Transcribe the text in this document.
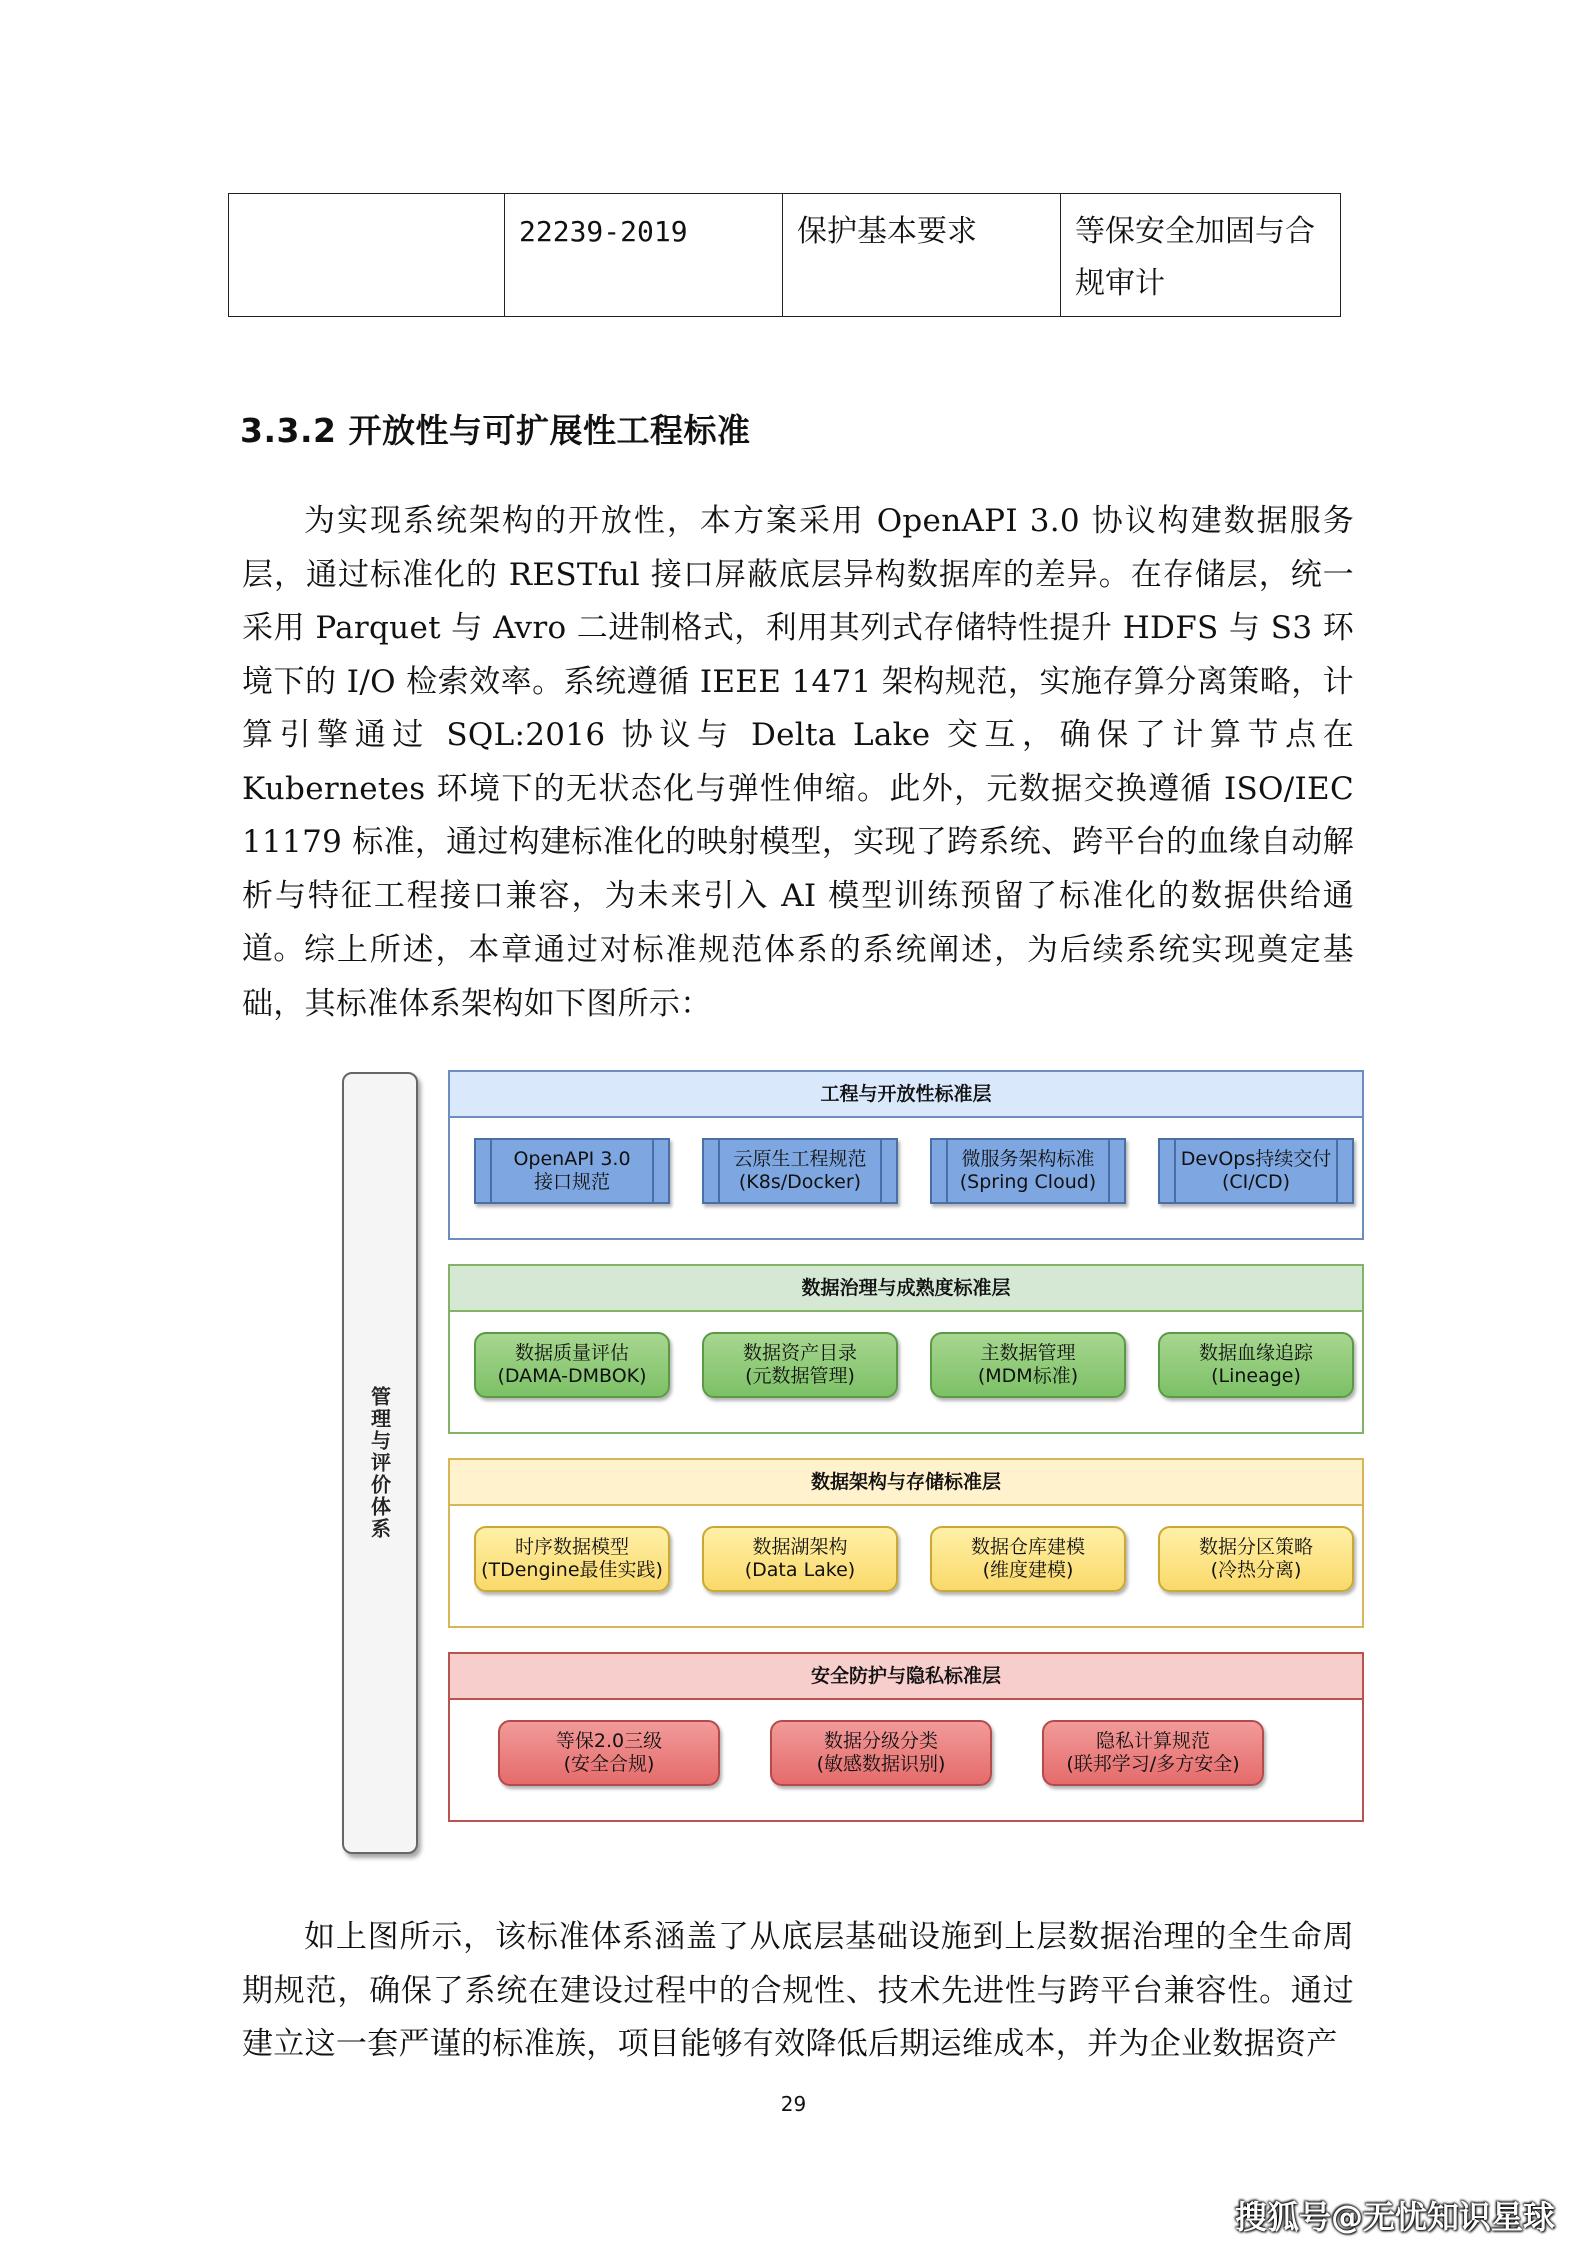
	22239-2019	保护基本要求	等保安全加固与合规审计
3.3.2 开放性与可扩展性工程标准

为实现系统架构的开放性，本方案采用 OpenAPI 3.0 协议构建数据服务层，通过标准化的 RESTful 接口屏蔽底层异构数据库的差异。在存储层，统一采用 Parquet 与 Avro 二进制格式，利用其列式存储特性提升 HDFS 与 S3 环境下的 I/O 检索效率。系统遵循 IEEE 1471 架构规范，实施存算分离策略，计算引擎通过 SQL:2016 协议与 Delta Lake 交互，确保了计算节点在 Kubernetes 环境下的无状态化与弹性伸缩。此外，元数据交换遵循 ISO/IEC 11179 标准，通过构建标准化的映射模型，实现了跨系统、跨平台的血缘自动解析与特征工程接口兼容，为未来引入 AI 模型训练预留了标准化的数据供给通道。 综上所述，本章通过对标准规范体系的系统阐述，为后续系统实现奠定基础，其标准体系架构如下图所示：

管理与评价体系
工程与开放性标准层
OpenAPI 3.0
接口规范
云原生工程规范
(K8s/Docker)
微服务架构标准
(Spring Cloud)
DevOps持续交付
(CI/CD)
数据治理与成熟度标准层
数据质量评估
(DAMA-DMBOK)
数据资产目录
(元数据管理)
主数据管理
(MDM标准)
数据血缘追踪
(Lineage)
数据架构与存储标准层
时序数据模型
(TDengine最佳实践)
数据湖架构
(Data Lake)
数据仓库建模
(维度建模)
数据分区策略
(冷热分离)
安全防护与隐私标准层
等保2.0三级
(安全合规)
数据分级分类
(敏感数据识别)
隐私计算规范
(联邦学习/多方安全)

如上图所示，该标准体系涵盖了从底层基础设施到上层数据治理的全生命周期规范，确保了系统在建设过程中的合规性、技术先进性与跨平台兼容性。通过建立这一套严谨的标准族，项目能够有效降低后期运维成本，并为企业数据资产

29
搜狐号@无忧知识星球
